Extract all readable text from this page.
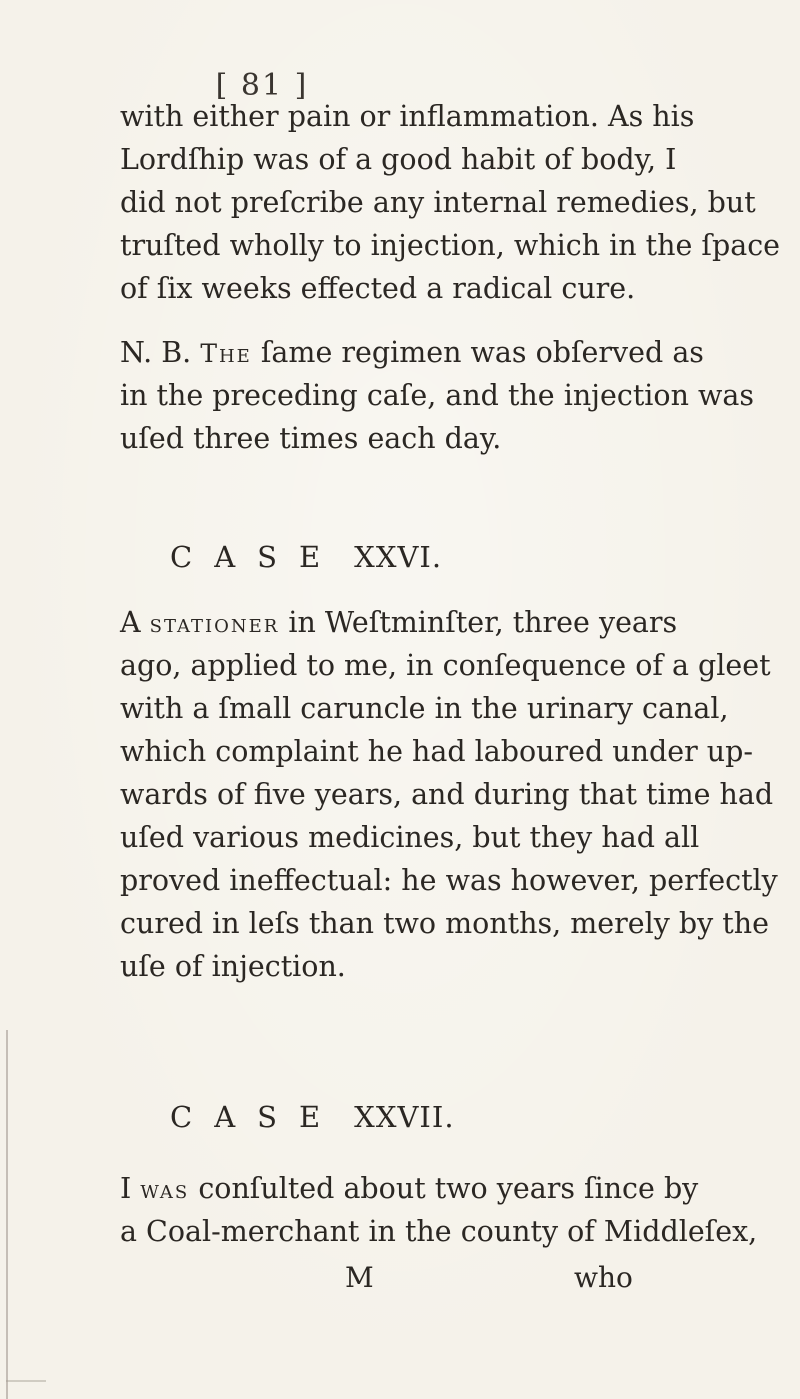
[ 81 ]
with either pain or inflammation. As his
Lordſhip was of a good habit of body, I
did not preſcribe any internal remedies, but
truſted wholly to injection, which in the ſpace
of ſix weeks effected a radical cure.
N. B. The ſame regimen was obſerved as
in the preceding caſe, and the injection was
uſed three times each day.
CASE XXVI.
A stationer in Weſtminſter, three years
ago, applied to me, in conſequence of a gleet
with a ſmall caruncle in the urinary canal,
which complaint he had laboured under up-
wards of five years, and during that time had
uſed various medicines, but they had all
proved ineffectual: he was however, perfectly
cured in leſs than two months, merely by the
uſe of injection.
CASE XXVII.
I was conſulted about two years ſince by
a Coal-merchant in the county of Middleſex,
M	who
